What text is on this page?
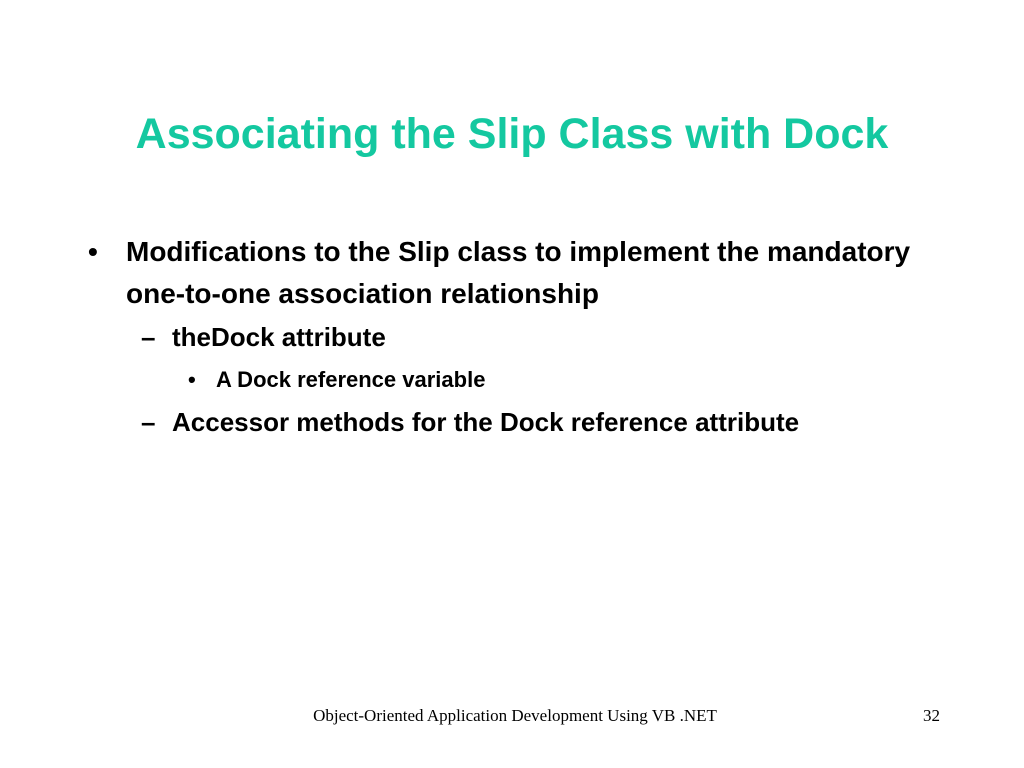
Associating the Slip Class with Dock
• Modifications to the Slip class to implement the mandatory one-to-one association relationship
– theDock attribute
• A Dock reference variable
– Accessor methods for the Dock reference attribute
Object-Oriented Application Development Using VB .NET	32
